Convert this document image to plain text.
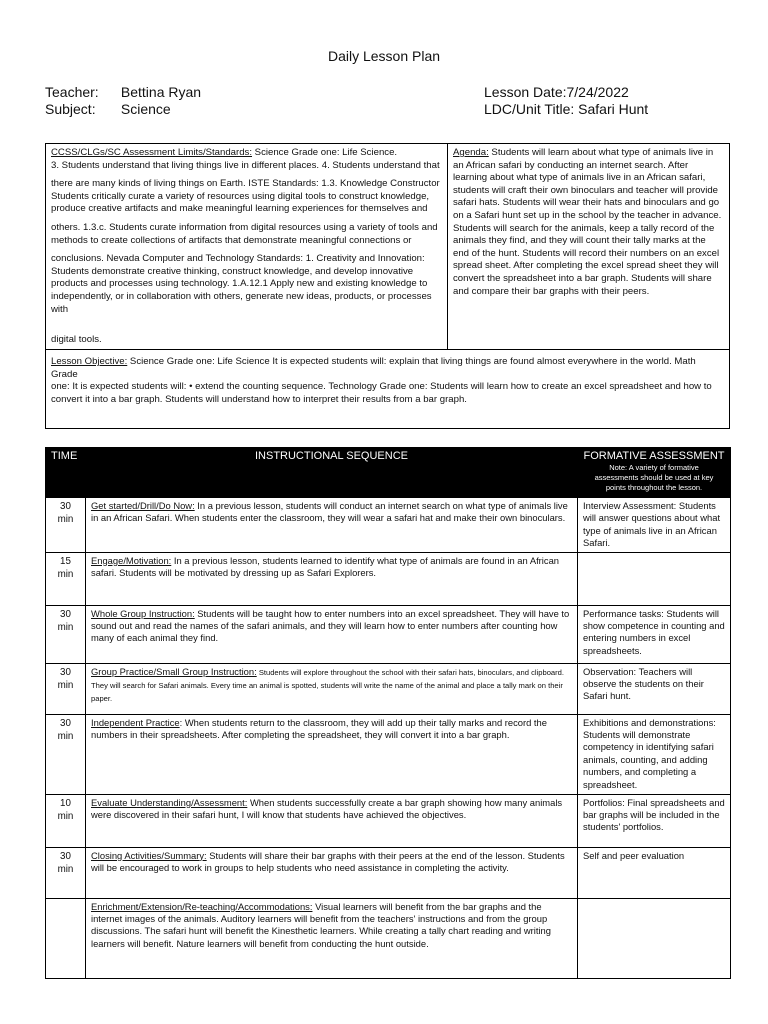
Daily Lesson Plan
Teacher: Bettina Ryan
Subject: Science
Lesson Date:7/24/2022
LDC/Unit Title: Safari Hunt
CCSS/CLGs/SC Assessment Limits/Standards: Science Grade one: Life Science.
3. Students understand that living things live in different places. 4. Students understand that
there are many kinds of living things on Earth. ISTE Standards: 1.3. Knowledge Constructor Students critically curate a variety of resources using digital tools to construct knowledge, produce creative artifacts and make meaningful learning experiences for themselves and
others. 1.3.c. Students curate information from digital resources using a variety of tools and methods to create collections of artifacts that demonstrate meaningful connections or
conclusions. Nevada Computer and Technology Standards: 1. Creativity and Innovation: Students demonstrate creative thinking, construct knowledge, and develop innovative products and processes using technology. 1.A.12.1 Apply new and existing knowledge to independently, or in collaboration with others, generate new ideas, products, or processes with
digital tools.
Agenda: Students will learn about what type of animals live in an African safari by conducting an internet search. After learning about what type of animals live in an African safari, students will craft their own binoculars and teacher will provide safari hats. Students will wear their hats and binoculars and go on a Safari hunt set up in the school by the teacher in advance. Students will search for the animals, keep a tally record of the animals they find, and they will count their tally marks at the end of the hunt. Students will record their numbers on an excel spread sheet. After completing the excel spread sheet they will convert the spreadsheet into a bar graph. Students will share and compare their bar graphs with their peers.
Lesson Objective: Science Grade one: Life Science It is expected students will: explain that living things are found almost everywhere in the world. Math Grade
one: It is expected students will: • extend the counting sequence. Technology Grade one: Students will learn how to create an excel spreadsheet and how to convert it into a bar graph. Students will understand how to interpret their results from a bar graph.
TIME	INSTRUCTIONAL SEQUENCE	FORMATIVE ASSESSMENT
Note: A variety of formative assessments should be used at key points throughout the lesson.

30
min	Get started/Drill/Do Now: In a previous lesson, students will conduct an internet search on what type of animals live in an African Safari. When students enter the classroom, they will wear a safari hat and make their own binoculars.	Interview Assessment: Students will answer questions about what type of animals live in an African Safari.
15
min	Engage/Motivation: In a previous lesson, students learned to identify what type of animals are found in an African safari. Students will be motivated by dressing up as Safari Explorers.	
30
min	Whole Group Instruction: Students will be taught how to enter numbers into an excel spreadsheet. They will have to sound out and read the names of the safari animals, and they will learn how to enter numbers after counting how many of each animal they find.	Performance tasks: Students will show competence in counting and entering numbers in excel spreadsheets.
30
min	Group Practice/Small Group Instruction: Students will explore throughout the school with their safari hats, binoculars, and clipboard. They will search for Safari animals. Every time an animal is spotted, students will write the name of the animal and place a tally mark on their paper.	Observation: Teachers will observe the students on their Safari hunt.
30
min	Independent Practice: When students return to the classroom, they will add up their tally marks and record the numbers in their spreadsheets. After completing the spreadsheet, they will convert it into a bar graph.	Exhibitions and demonstrations: Students will demonstrate competency in identifying safari animals, counting, and adding numbers, and completing a spreadsheet.
10
min	Evaluate Understanding/Assessment: When students successfully create a bar graph showing how many animals were discovered in their safari hunt, I will know that students have achieved the objectives.	Portfolios: Final spreadsheets and bar graphs will be included in the students' portfolios.
30
min	Closing Activities/Summary: Students will share their bar graphs with their peers at the end of the lesson. Students will be encouraged to work in groups to help students who need assistance in completing the activity.	Self and peer evaluation

	Enrichment/Extension/Re-teaching/Accommodations: Visual learners will benefit from the bar graphs and the internet images of the animals. Auditory learners will benefit from the teachers' instructions and from the group discussions. The safari hunt will benefit the Kinesthetic learners. While creating a tally chart reading and writing learners will benefit. Nature learners will benefit from conducting the hunt outside.	
